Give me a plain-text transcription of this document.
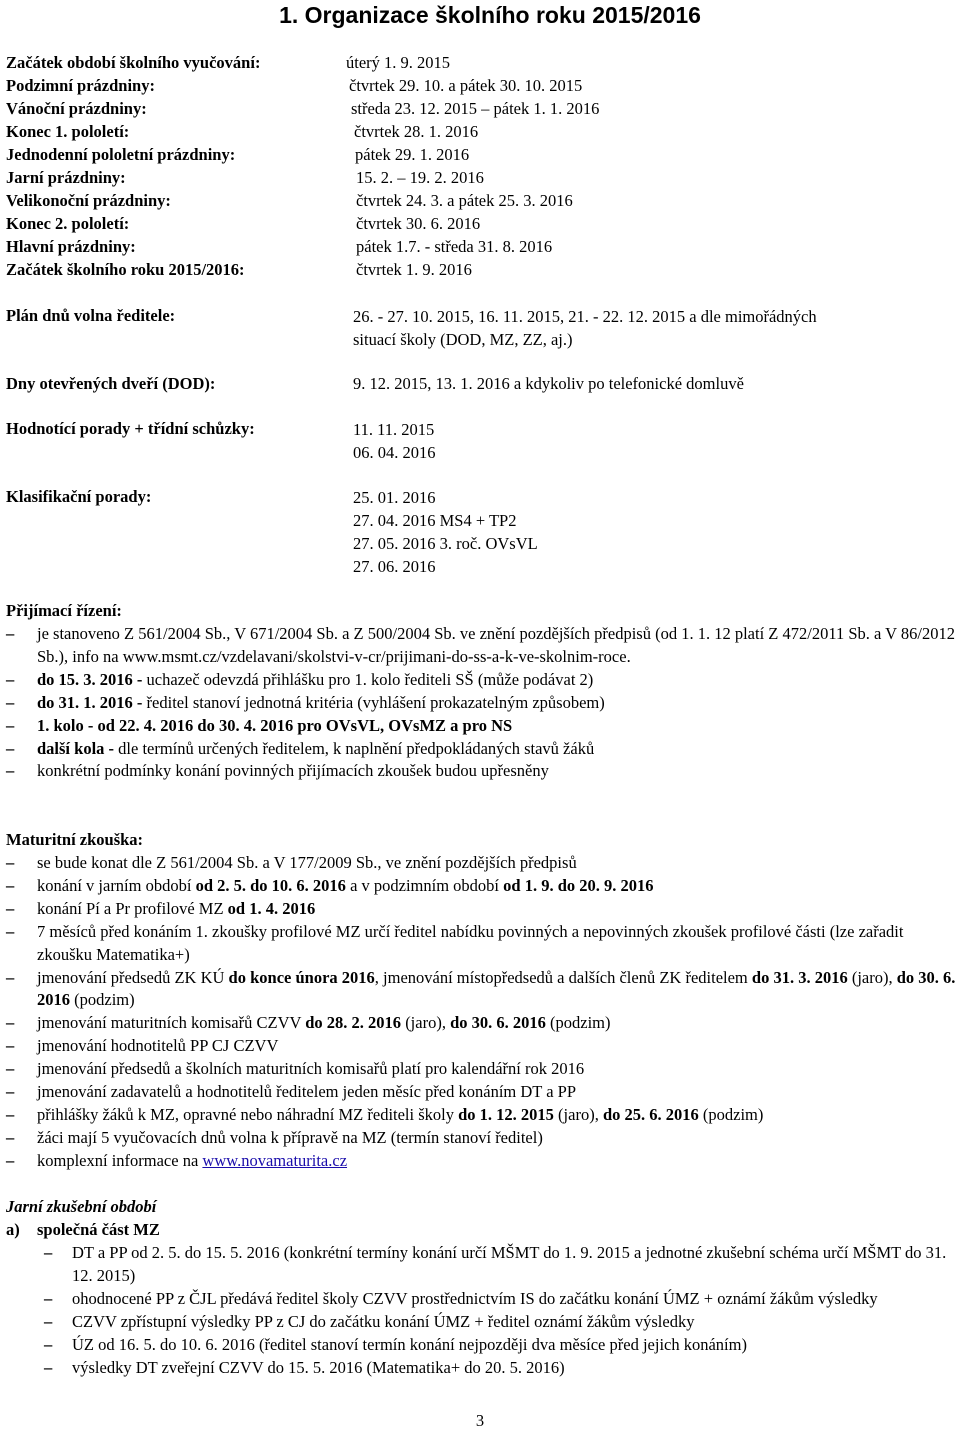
1. Organizace školního roku 2015/2016
Začátek období školního vyučování:	úterý 1. 9. 2015
Podzimní prázdniny:	čtvrtek 29. 10. a pátek 30. 10. 2015
Vánoční prázdniny:	středa 23. 12. 2015 – pátek 1. 1. 2016
Konec 1. pololetí:	čtvrtek 28. 1. 2016
Jednodenní pololetní prázdniny:	pátek 29. 1. 2016
Jarní prázdniny:	15. 2. – 19. 2. 2016
Velikonoční prázdniny:	čtvrtek 24. 3. a pátek 25. 3. 2016
Konec 2. pololetí:	čtvrtek 30. 6. 2016
Hlavní prázdniny:	pátek 1.7. - středa 31. 8. 2016
Začátek školního roku 2015/2016:	čtvrtek 1. 9. 2016
Plán dnů volna ředitele:	26. - 27. 10. 2015, 16. 11. 2015, 21. - 22. 12. 2015 a dle mimořádných
situací školy (DOD, MZ, ZZ, aj.)
Dny otevřených dveří (DOD):	9. 12. 2015, 13. 1. 2016 a kdykoliv po telefonické domluvě
Hodnotící porady + třídní schůzky:	11. 11. 2015
06. 04. 2016
Klasifikační porady:	25. 01. 2016
27. 04. 2016 MS4 + TP2
27. 05. 2016 3. roč. OVsVL
27. 06. 2016
Přijímací řízení:
– je stanoveno Z 561/2004 Sb., V 671/2004 Sb. a Z 500/2004 Sb. ve znění pozdějších předpisů (od 1. 1. 12 platí Z 472/2011 Sb. a V 86/2012 Sb.), info na www.msmt.cz/vzdelavani/skolstvi-v-cr/prijimani-do-ss-a-k-ve-skolnim-roce.
– do 15. 3. 2016 - uchazeč odevzdá přihlášku pro 1. kolo řediteli SŠ (může podávat 2)
– do 31. 1. 2016 - ředitel stanoví jednotná kritéria (vyhlášení prokazatelným způsobem)
– 1. kolo - od 22. 4. 2016 do 30. 4. 2016 pro OVsVL, OVsMZ a pro NS
– další kola - dle termínů určených ředitelem, k naplnění předpokládaných stavů žáků
– konkrétní podmínky konání povinných přijímacích zkoušek budou upřesněny
Maturitní zkouška:
– se bude konat dle Z 561/2004 Sb. a V 177/2009 Sb., ve znění pozdějších předpisů
– konání v jarním období od 2. 5. do 10. 6. 2016 a v podzimním období od 1. 9. do 20. 9. 2016
– konání Pí a Pr profilové MZ od 1. 4. 2016
– 7 měsíců před konáním 1. zkoušky profilové MZ určí ředitel nabídku povinných a nepovinných zkoušek profilové části (lze zařadit zkoušku Matematika+)
– jmenování předsedů ZK KÚ do konce února 2016, jmenování místopředsedů a dalších členů ZK ředitelem do 31. 3. 2016 (jaro), do 30. 6. 2016 (podzim)
– jmenování maturitních komisařů CZVV do 28. 2. 2016 (jaro), do 30. 6. 2016 (podzim)
– jmenování hodnotitelů PP CJ CZVV
– jmenování předsedů a školních maturitních komisařů platí pro kalendářní rok 2016
– jmenování zadavatelů a hodnotitelů ředitelem jeden měsíc před konáním DT a PP
– přihlášky žáků k MZ, opravné nebo náhradní MZ řediteli školy do 1. 12. 2015 (jaro), do 25. 6. 2016 (podzim)
– žáci mají 5 vyučovacích dnů volna k přípravě na MZ (termín stanoví ředitel)
– komplexní informace na www.novamaturita.cz
Jarní zkušební období
a) společná část MZ
– DT a PP od 2. 5. do 15. 5. 2016 (konkrétní termíny konání určí MŠMT do 1. 9. 2015 a jednotné zkušební schéma určí MŠMT do 31. 12. 2015)
– ohodnocené PP z ČJL předává ředitel školy CZVV prostřednictvím IS do začátku konání ÚMZ + oznámí žákům výsledky
– CZVV zpřístupní výsledky PP z CJ do začátku konání ÚMZ + ředitel oznámí žákům výsledky
– ÚZ od 16. 5. do 10. 6. 2016 (ředitel stanoví termín konání nejpozději dva měsíce před jejich konáním)
– výsledky DT zveřejní CZVV do 15. 5. 2016 (Matematika+ do 20. 5. 2016)
3
